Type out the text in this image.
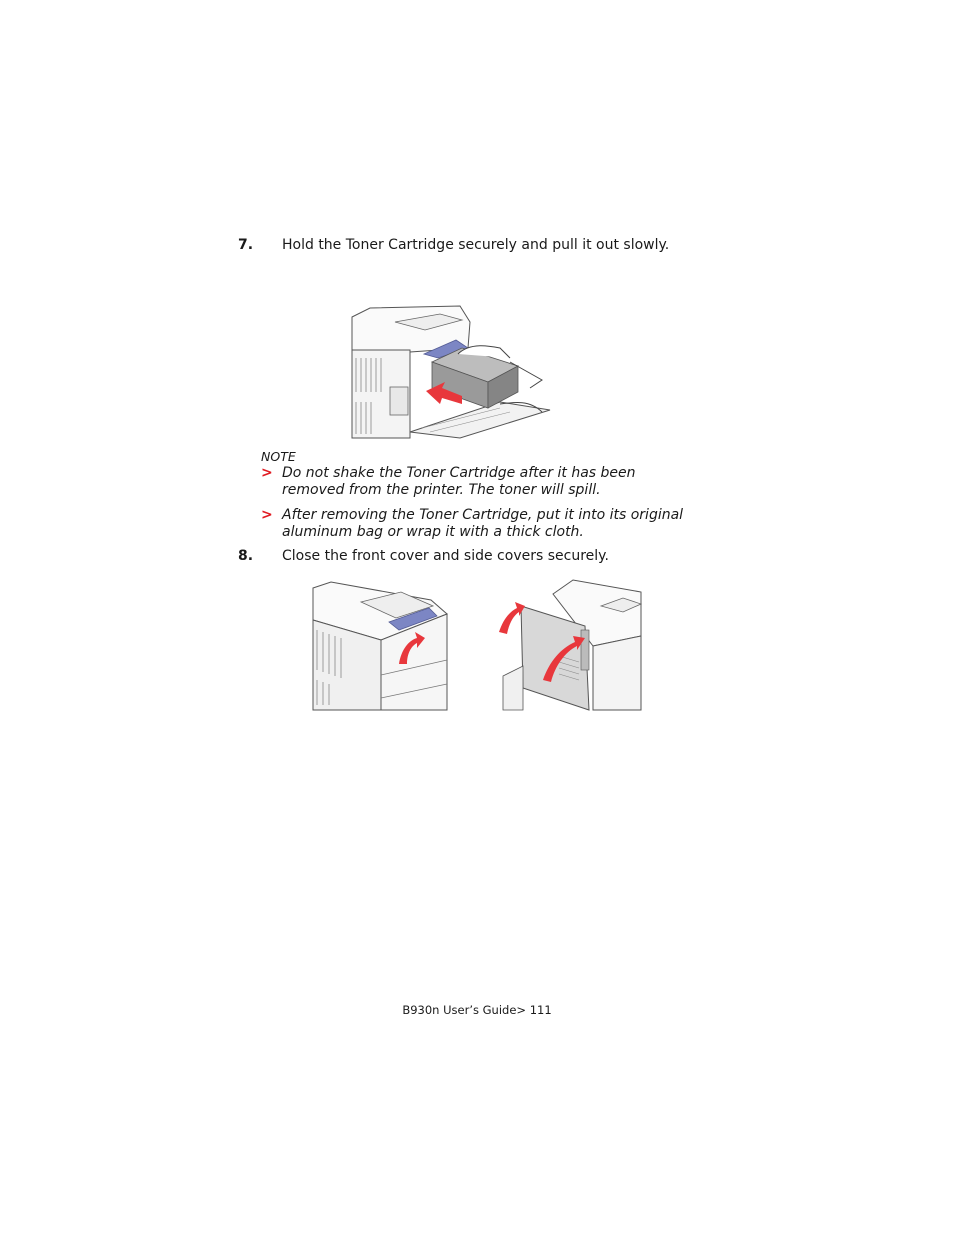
7. Hold the Toner Cartridge securely and pull it out slowly.
NOTE
> Do not shake the Toner Cartridge after it has been
removed from the printer. The toner will spill.
> After removing the Toner Cartridge, put it into its original
aluminum bag or wrap it with a thick cloth.
8. Close the front cover and side covers securely.
B930n User’s Guide> 111
